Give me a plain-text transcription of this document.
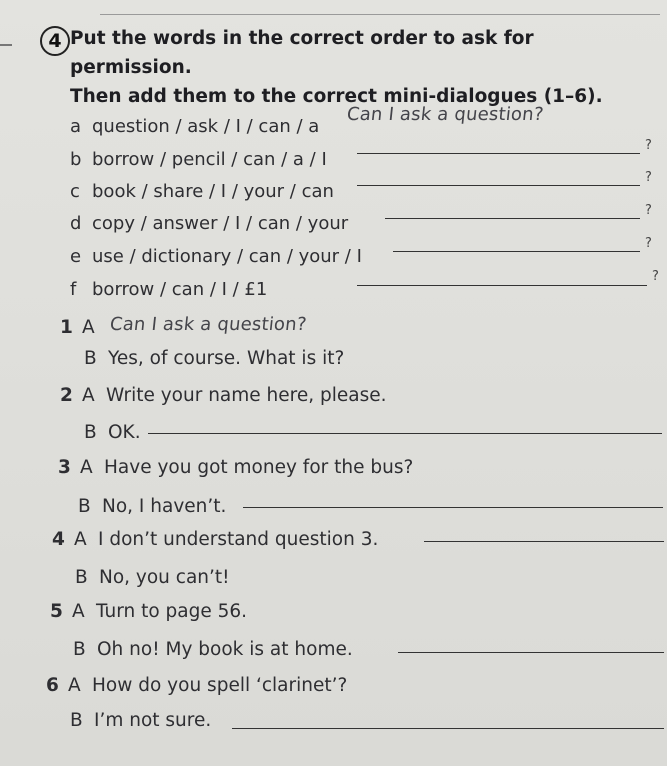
4 Put the words in the correct order to ask for permission.
Then add them to the correct mini-dialogues (1–6).
a question / ask / I / can / a
Can I ask a question?
b borrow / pencil / can / a / I
?
c book / share / I / your / can
?
d copy / answer / I / can / your
?
e use / dictionary / can / your / I
?
f borrow / can / I / £1
?
1 A Can I ask a question?
B Yes, of course. What is it?
2 A Write your name here, please.
B OK.
3 A Have you got money for the bus?
B No, I haven’t.
4 A I don’t understand question 3.
B No, you can’t!
5 A Turn to page 56.
B Oh no! My book is at home.
6 A How do you spell ‘clarinet’?
B I’m not sure.
